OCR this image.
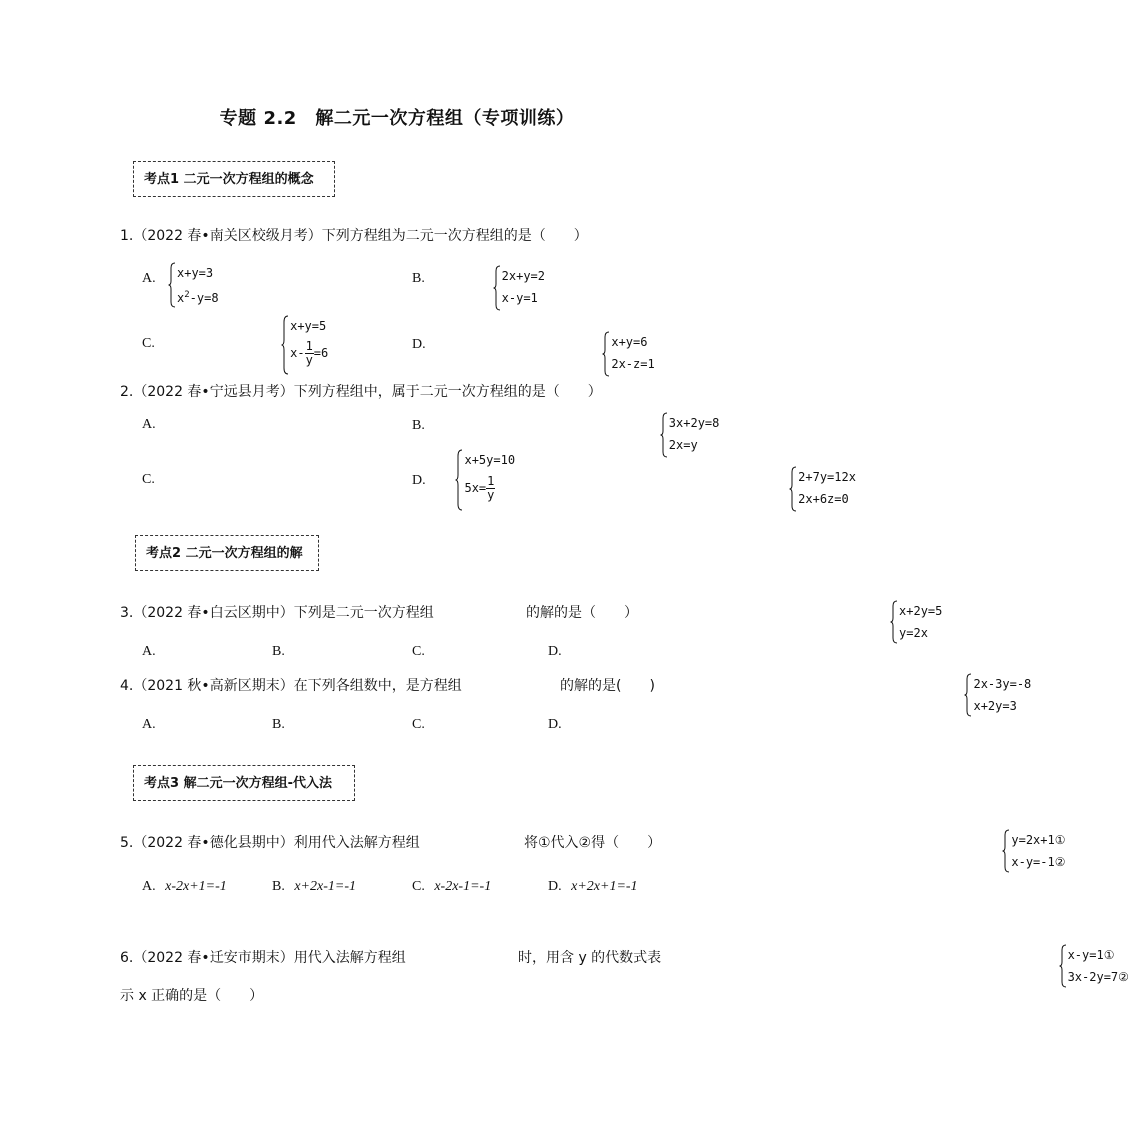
专题 2.2　解二元一次方程组（专项训练）
考点1 二元一次方程组的概念
1.（2022 春•南关区校级月考）下列方程组为二元一次方程组的是（　　）
A. x+y=3
$x^2-y=8$

B.	2x+y=2
x-y=1

C.
x+y=5
$x- \frac{1}{y} =6$

D.	x+y=6
2x-z=1

2.（2022 春•宁远县月考）下列方程组中，属于二元一次方程组的是（　　）
A.	B.	3x+2y=8
2x=y

C.
x+5y=10
$5x= \frac{1}{y}$

D.	2+7y=12x
2x+6z=0

考点2 二元一次方程组的解
3.（2022 春•白云区期中）下列是二元一次方程组	x+2y=5
y=2x

的解的是（　　）
A.	B.	C.	D.
4.（2021 秋•高新区期末）在下列各组数中，是方程组	2x-3y=-8
x+2y=3

的解的是(　　)
A.	B.	C.	D.
考点3 解二元一次方程组-代入法
5.（2022 春•德化县期中）利用代入法解方程组	y=2x+1①
x-y=-1②

将①代入②得（　　）
A. x-2x+1=-1	B. x+2x-1=-1	C. x-2x-1=-1	D. x+2x+1=-1
6.（2022 春•迁安市期末）用代入法解方程组	x-y=1①
3x-2y=7②
时，用含 y 的代数式表
示 x 正确的是（　　）
